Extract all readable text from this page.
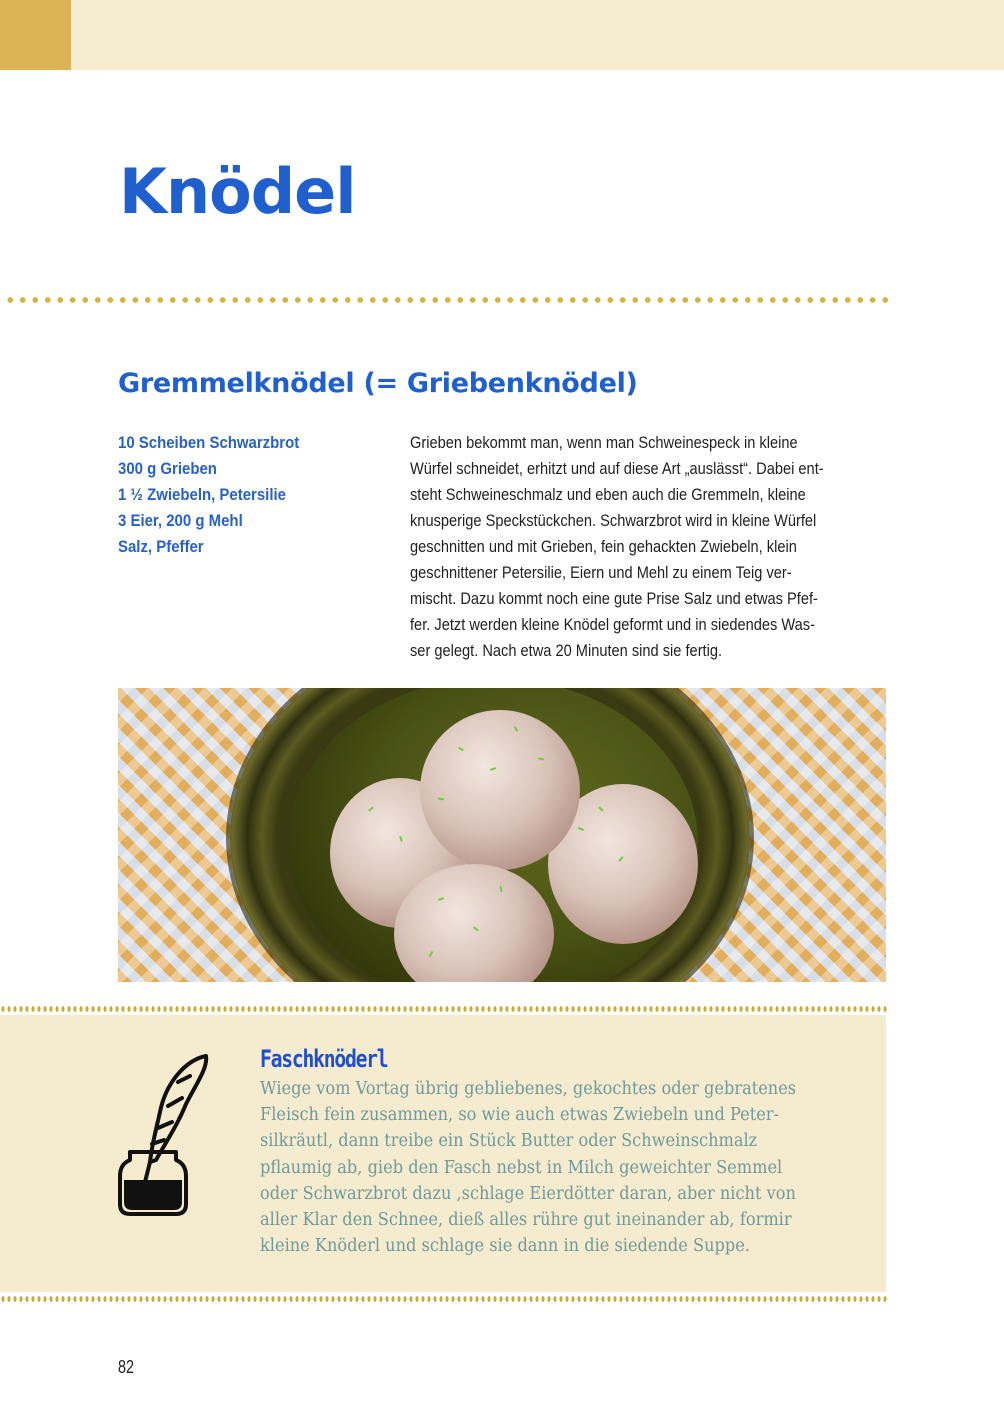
Knödel
Gremmelknödel (= Griebenknödel)
10 Scheiben Schwarzbrot
300 g Grieben
1 ½ Zwiebeln, Petersilie
3 Eier, 200 g Mehl
Salz, Pfeffer
Grieben bekommt man, wenn man Schweinespeck in kleine
Würfel schneidet, erhitzt und auf diese Art „auslässt“. Dabei ent-
steht Schweineschmalz und eben auch die Gremmeln, kleine
knusperige Speckstückchen. Schwarzbrot wird in kleine Würfel
geschnitten und mit Grieben, fein gehackten Zwiebeln, klein
geschnittener Petersilie, Eiern und Mehl zu einem Teig ver-
mischt. Dazu kommt noch eine gute Prise Salz und etwas Pfef-
fer. Jetzt werden kleine Knödel geformt und in siedendes Was-
ser gelegt. Nach etwa 20 Minuten sind sie fertig.
Faschknöderl
Wiege vom Vortag übrig gebliebenes, gekochtes oder gebratenes
Fleisch fein zusammen, so wie auch etwas Zwiebeln und Peter-
silkräutl, dann treibe ein Stück Butter oder Schweinschmalz
pflaumig ab, gieb den Fasch nebst in Milch geweichter Semmel
oder Schwarzbrot dazu ,schlage Eierdötter daran, aber nicht von
aller Klar den Schnee, dieß alles rühre gut ineinander ab, formir
kleine Knöderl und schlage sie dann in die siedende Suppe.
82
